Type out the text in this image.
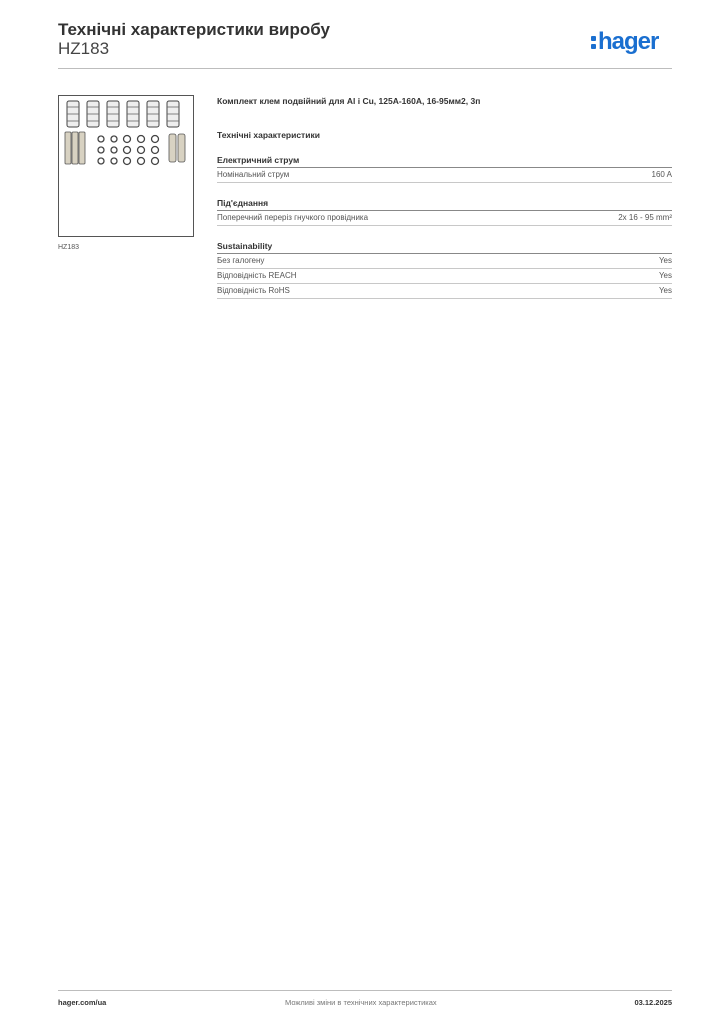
Технічні характеристики виробу
HZ183	hager
HZ183
Комплект клем подвійний для Al і Cu, 125А-160А, 16-95мм2, 3п
Технічні характеристики
Електричний струм
Номінальний струм	160 A
Під'єднання
Поперечний переріз гнучкого провідника	2x 16 - 95 mm²
Sustainability
Без галогену	Yes
Відповідність REACH	Yes
Відповідність RoHS	Yes
hager.com/ua	Можливі зміни в технічних характеристиках	03.12.2025
